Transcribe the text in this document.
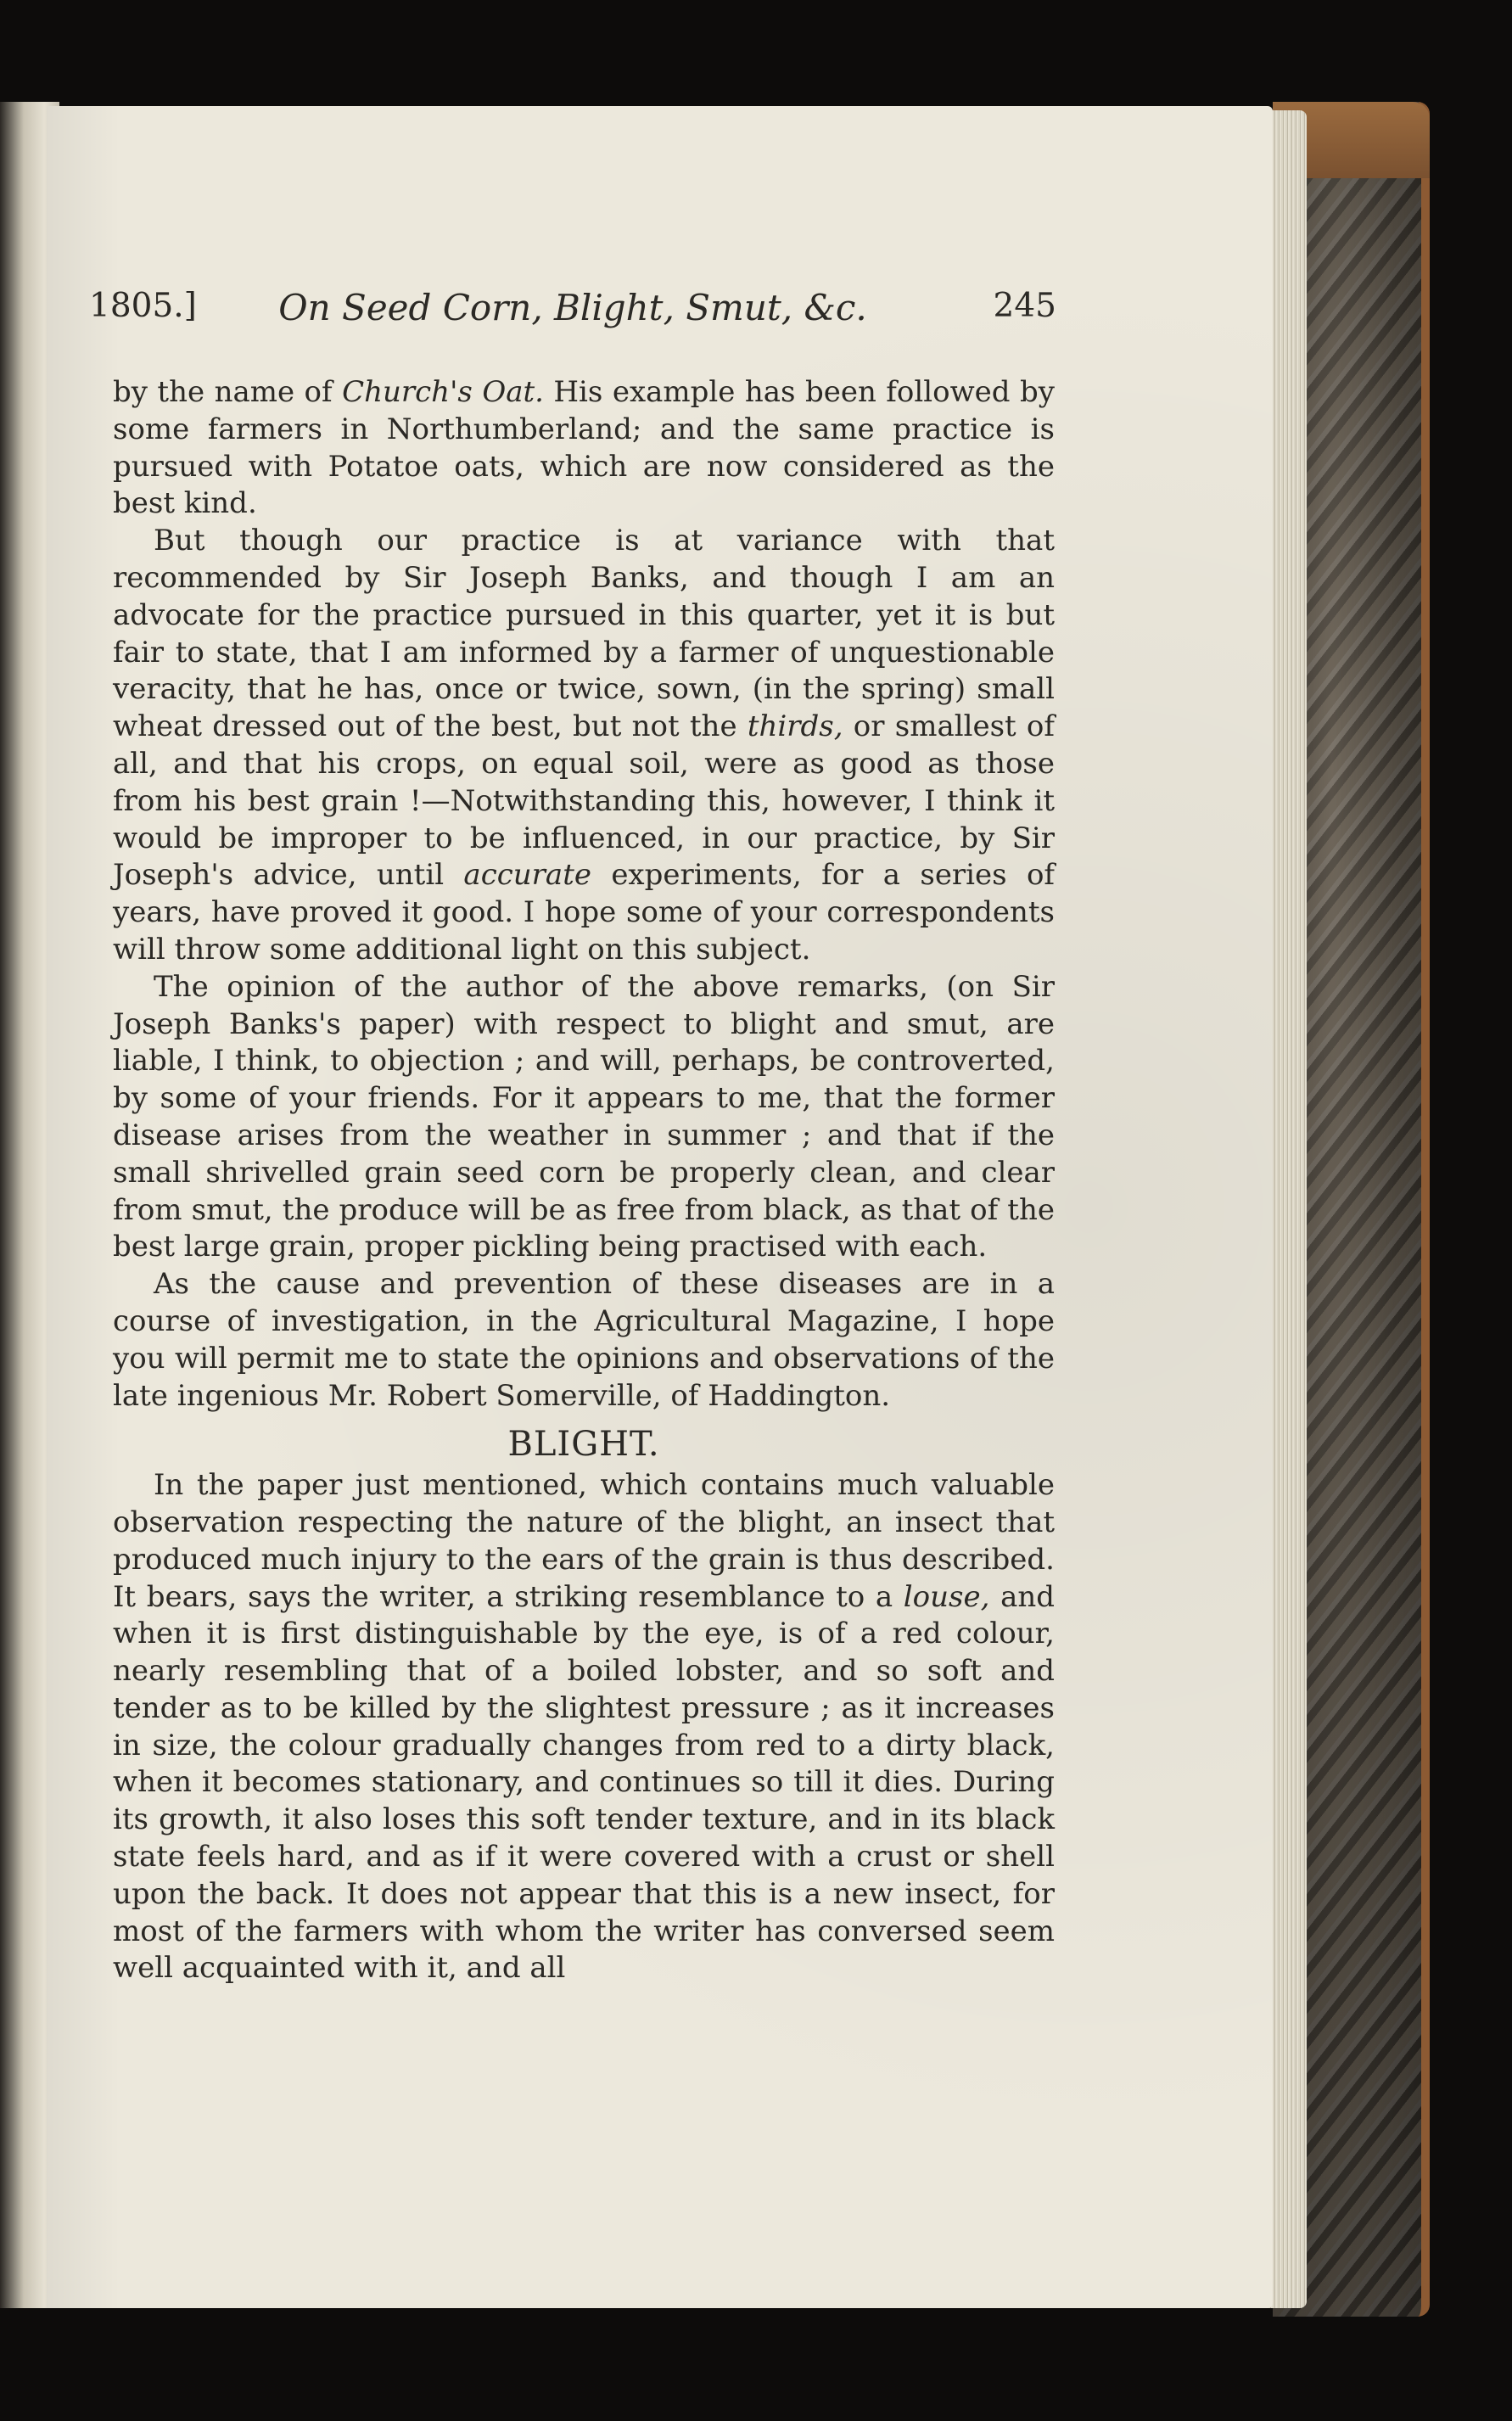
1805.]	On Seed Corn, Blight, Smut, &c.	245

by the name of Church's Oat. His example has been followed by some farmers in Northumberland; and the same practice is pursued with Potatoe oats, which are now considered as the best kind.

But though our practice is at variance with that recommended by Sir Joseph Banks, and though I am an advocate for the practice pursued in this quarter, yet it is but fair to state, that I am informed by a farmer of unquestionable veracity, that he has, once or twice, sown, (in the spring) small wheat dressed out of the best, but not the thirds, or smallest of all, and that his crops, on equal soil, were as good as those from his best grain !—Notwithstanding this, however, I think it would be improper to be influenced, in our practice, by Sir Joseph's advice, until accurate experiments, for a series of years, have proved it good. I hope some of your correspondents will throw some additional light on this subject.

The opinion of the author of the above remarks, (on Sir Joseph Banks's paper) with respect to blight and smut, are liable, I think, to objection ; and will, perhaps, be controverted, by some of your friends. For it appears to me, that the former disease arises from the weather in summer ; and that if the small shrivelled grain seed corn be properly clean, and clear from smut, the produce will be as free from black, as that of the best large grain, proper pickling being practised with each.

As the cause and prevention of these diseases are in a course of investigation, in the Agricultural Magazine, I hope you will permit me to state the opinions and observations of the late ingenious Mr. Robert Somerville, of Haddington.

BLIGHT.

In the paper just mentioned, which contains much valuable observation respecting the nature of the blight, an insect that produced much injury to the ears of the grain is thus described. It bears, says the writer, a striking resemblance to a louse, and when it is first distinguishable by the eye, is of a red colour, nearly resembling that of a boiled lobster, and so soft and tender as to be killed by the slightest pressure ; as it increases in size, the colour gradually changes from red to a dirty black, when it becomes stationary, and continues so till it dies. During its growth, it also loses this soft tender texture, and in its black state feels hard, and as if it were covered with a crust or shell upon the back. It does not appear that this is a new insect, for most of the farmers with whom the writer has conversed seem well acquainted with it, and all
